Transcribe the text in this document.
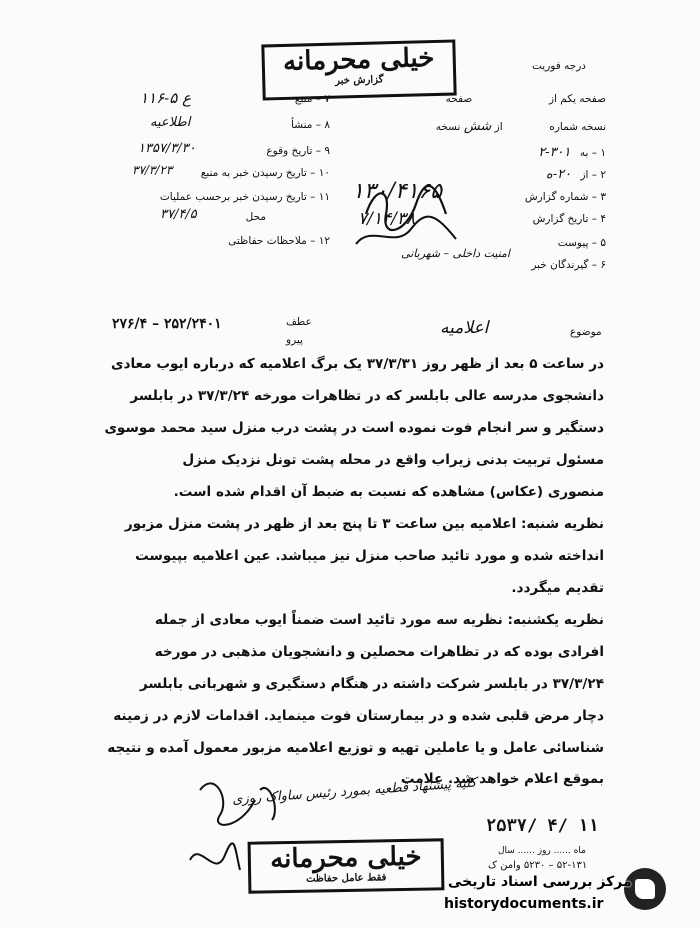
خیلی محرمانه
گزارش خبر
درجه فوریت
۷ – منبع
۱۱۶-۵ ع
۸ – منشأ
اطلاعیه
۹ – تاریخ وقوع
۱۳۵۷/۳/۳۰
۱۰ – تاریخ رسیدن خبر به منبع
۳۷/۳/۲۳
۱۱ – تاریخ رسیدن خبر برحسب عملیات
محل
۳۷/۴/۵
۱۲ – ملاحظات حفاظتی
صفحه یکم از  صفحه
نسخه شماره  از شش نسخه
۱ – به ۳۰۱-۲
۲ – از ۲۰-ه
۳ – شماره گزارش
۱۳۰/۴۱۶۵
۴ – تاریخ گزارش
۷/۱۴/۳۸
۵ – پیوست
۶ – گیرندگان خبر
امنیت داخلی – شهربانی
۲۷۶/۴ – ۲۵۲/۲۴۰۱	عطف
پیرو
موضوع
اعلامیه
در ساعت ۵ بعد از ظهر روز ۳۷/۳/۳۱ یک برگ اعلامیه که درباره ایوب معادی
دانشجوی مدرسه عالی بابلسر که در تظاهرات مورخه ۳۷/۳/۲۴ در بابلسر
دستگیر و سر انجام فوت نموده است در پشت درب منزل سید محمد موسوی
مسئول تربیت بدنی زیراب واقع در محله پشت تونل نزدیک منزل
منصوری (عکاس) مشاهده که نسبت به ضبط آن اقدام شده است.
نظریه شنبه: اعلامیه بین ساعت ۳ تا پنج بعد از ظهر در پشت منزل مزبور
انداخته شده و مورد تائید صاحب منزل نیز میباشد. عین اعلامیه بپیوست
تقدیم میگردد.
نظریه یکشنبه: نظریه سه مورد تائید است ضمناً ایوب معادی از جمله
افرادی بوده که در تظاهرات محصلین و دانشجویان مذهبی در مورخه
۳۷/۳/۲۴ در بابلسر شرکت داشته در هنگام دستگیری و شهربانی بابلسر
دچار مرض قلبی شده و در بیمارستان فوت مینماید. اقدامات لازم در زمینه
شناسائی عامل و یا عاملین تهیه و توزیع اعلامیه مزبور معمول آمده و نتیجه
بموقع اعلام خواهد شد. علامت
کلیه پیشنهاد قطعیه بمورد رئیس ساواک روزی
۲۵۳۷/ ۴/ ۱۱
ماه ...... روز ...... سال
۵۲-۱۳۱ – ۵۲۳۰ وامن ک
خیلی محرمانه
فقط عامل حفاظت	مرکز بررسی اسناد تاریخی
historydocuments.ir
